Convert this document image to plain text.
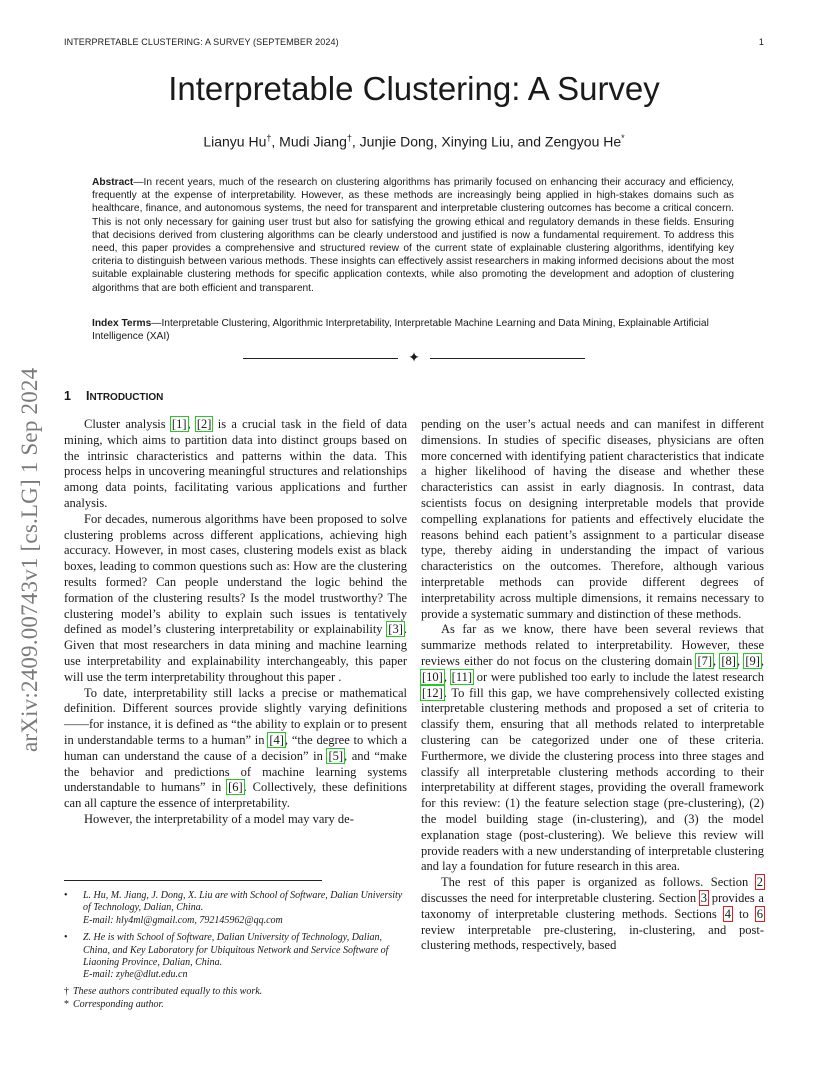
INTERPRETABLE CLUSTERING: A SURVEY (SEPTEMBER 2024)	1
Interpretable Clustering: A Survey
Lianyu Hu†, Mudi Jiang†, Junjie Dong, Xinying Liu, and Zengyou He*
Abstract—In recent years, much of the research on clustering algorithms has primarily focused on enhancing their accuracy and efficiency, frequently at the expense of interpretability. However, as these methods are increasingly being applied in high-stakes domains such as healthcare, finance, and autonomous systems, the need for transparent and interpretable clustering outcomes has become a critical concern. This is not only necessary for gaining user trust but also for satisfying the growing ethical and regulatory demands in these fields. Ensuring that decisions derived from clustering algorithms can be clearly understood and justified is now a fundamental requirement. To address this need, this paper provides a comprehensive and structured review of the current state of explainable clustering algorithms, identifying key criteria to distinguish between various methods. These insights can effectively assist researchers in making informed decisions about the most suitable explainable clustering methods for specific application contexts, while also promoting the development and adoption of clustering algorithms that are both efficient and transparent.
Index Terms—Interpretable Clustering, Algorithmic Interpretability, Interpretable Machine Learning and Data Mining, Explainable Artificial Intelligence (XAI)
✦
arXiv:2409.00743v1 [cs.LG] 1 Sep 2024 1 INTRODUCTION

Cluster analysis [1], [2] is a crucial task in the field of data mining, which aims to partition data into distinct groups based on the intrinsic characteristics and patterns within the data. This process helps in uncovering meaningful structures and relationships among data points, facilitating various applications and further analysis.

For decades, numerous algorithms have been proposed to solve clustering problems across different applications, achieving high accuracy. However, in most cases, clustering models exist as black boxes, leading to common questions such as: How are the clustering results formed? Can people understand the logic behind the formation of the clustering results? Is the model trustworthy? The clustering model’s ability to explain such issues is tentatively defined as model’s clustering interpretability or explainability [3]. Given that most researchers in data mining and machine learning use interpretability and explainability interchangeably, this paper will use the term interpretability throughout this paper .

To date, interpretability still lacks a precise or mathematical definition. Different sources provide slightly varying definitions——for instance, it is defined as “the ability to explain or to present in understandable terms to a human” in [4], “the degree to which a human can understand the cause of a decision” in [5], and “make the behavior and predictions of machine learning systems understandable to humans” in [6]. Collectively, these definitions can all capture the essence of interpretability.

However, the interpretability of a model may vary de-

• L. Hu, M. Jiang, J. Dong, X. Liu are with School of Software, Dalian University of Technology, Dalian, China.
E-mail: hly4ml@gmail.com, 792145962@qq.com
• Z. He is with School of Software, Dalian University of Technology, Dalian, China, and Key Laboratory for Ubiquitous Network and Service Software of Liaoning Province, Dalian, China.
E-mail: zyhe@dlut.edu.cn
† These authors contributed equally to this work.
* Corresponding author.

pending on the user’s actual needs and can manifest in different dimensions. In studies of specific diseases, physicians are often more concerned with identifying patient characteristics that indicate a higher likelihood of having the disease and whether these characteristics can assist in early diagnosis. In contrast, data scientists focus on designing interpretable models that provide compelling explanations for patients and effectively elucidate the reasons behind each patient’s assignment to a particular disease type, thereby aiding in understanding the impact of various characteristics on the outcomes. Therefore, although various interpretable methods can provide different degrees of interpretability across multiple dimensions, it remains necessary to provide a systematic summary and distinction of these methods.

As far as we know, there have been several reviews that summarize methods related to interpretability. However, these reviews either do not focus on the clustering domain [7], [8], [9], [10], [11] or were published too early to include the latest research [12]. To fill this gap, we have comprehensively collected existing interpretable clustering methods and proposed a set of criteria to classify them, ensuring that all methods related to interpretable clustering can be categorized under one of these criteria. Furthermore, we divide the clustering process into three stages and classify all interpretable clustering methods according to their interpretability at different stages, providing the overall framework for this review: (1) the feature selection stage (pre-clustering), (2) the model building stage (in-clustering), and (3) the model explanation stage (post-clustering). We believe this review will provide readers with a new understanding of interpretable clustering and lay a foundation for future research in this area.

The rest of this paper is organized as follows. Section 2 discusses the need for interpretable clustering. Section 3 provides a taxonomy of interpretable clustering methods. Sections 4 to 6 review interpretable pre-clustering, in-clustering, and post-clustering methods, respectively, based
